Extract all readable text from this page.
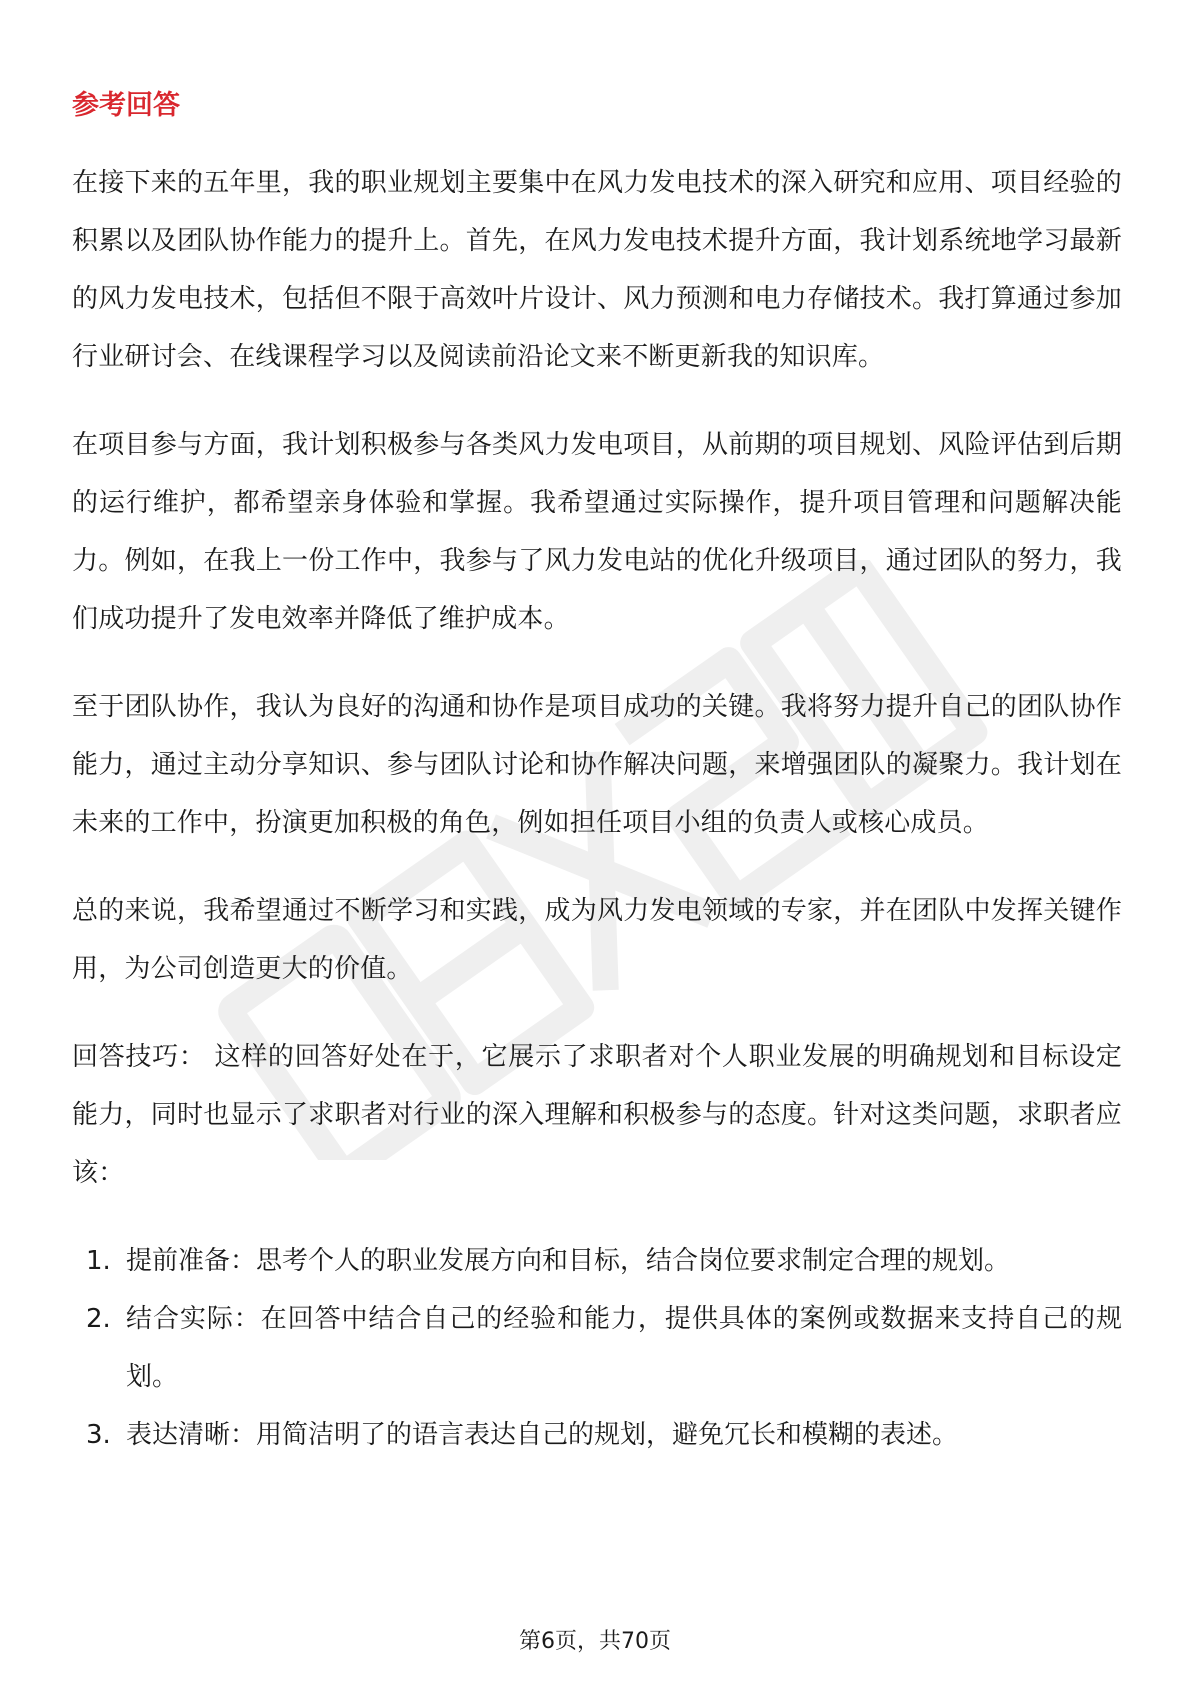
参考回答

在接下来的五年里，我的职业规划主要集中在风力发电技术的深入研究和应用、项目经验的积累以及团队协作能力的提升上。首先，在风力发电技术提升方面，我计划系统地学习最新的风力发电技术，包括但不限于高效叶片设计、风力预测和电力存储技术。我打算通过参加行业研讨会、在线课程学习以及阅读前沿论文来不断更新我的知识库。

在项目参与方面，我计划积极参与各类风力发电项目，从前期的项目规划、风险评估到后期的运行维护，都希望亲身体验和掌握。我希望通过实际操作，提升项目管理和问题解决能力。例如，在我上一份工作中，我参与了风力发电站的优化升级项目，通过团队的努力，我们成功提升了发电效率并降低了维护成本。

至于团队协作，我认为良好的沟通和协作是项目成功的关键。我将努力提升自己的团队协作能力，通过主动分享知识、参与团队讨论和协作解决问题，来增强团队的凝聚力。我计划在未来的工作中，扮演更加积极的角色，例如担任项目小组的负责人或核心成员。

总的来说，我希望通过不断学习和实践，成为风力发电领域的专家，并在团队中发挥关键作用，为公司创造更大的价值。

回答技巧： 这样的回答好处在于，它展示了求职者对个人职业发展的明确规划和目标设定能力，同时也显示了求职者对行业的深入理解和积极参与的态度。针对这类问题，求职者应该：

1. 提前准备：思考个人的职业发展方向和目标，结合岗位要求制定合理的规划。
2. 结合实际：在回答中结合自己的经验和能力，提供具体的案例或数据来支持自己的规划。
3. 表达清晰：用简洁明了的语言表达自己的规划，避免冗长和模糊的表述。
第6页，共70页
